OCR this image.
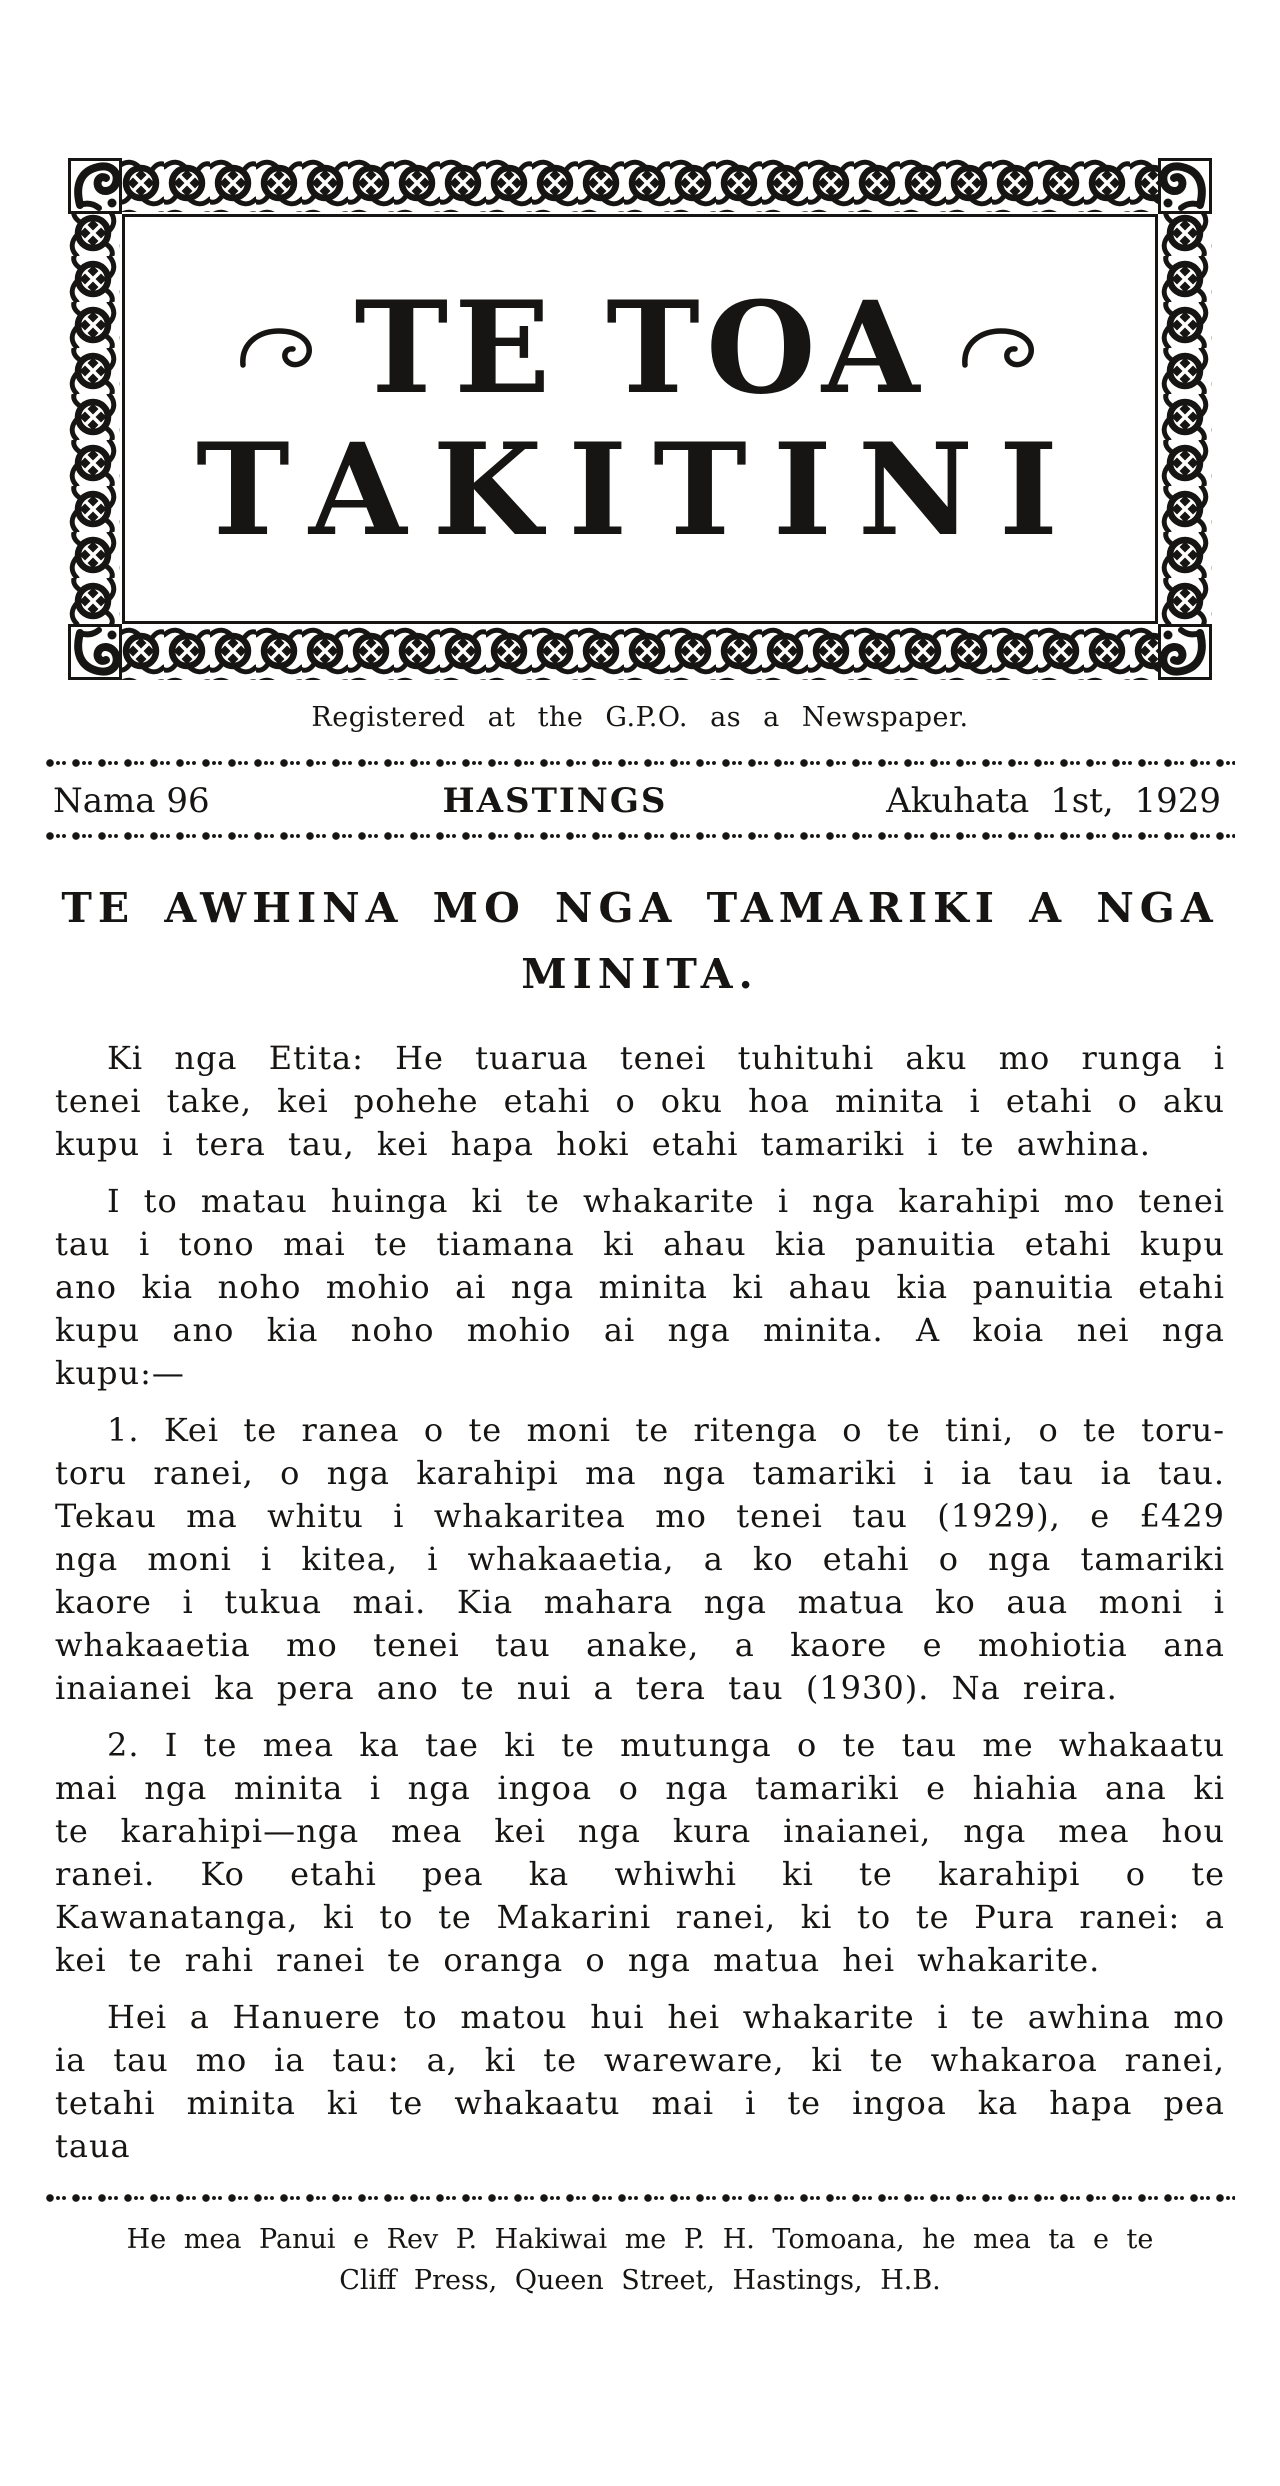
TE TOA
TAKITINI
Registered at the G.P.O. as a Newspaper.
Nama 96	HASTINGS	Akuhata 1st, 1929
TE AWHINA MO NGA TAMARIKI A NGA
MINITA.

Ki nga Etita: He tuarua tenei tuhituhi aku mo runga i tenei take, kei pohehe etahi o oku hoa minita i etahi o aku kupu i tera tau, kei hapa hoki etahi tamariki i te awhina.

I to matau huinga ki te whakarite i nga karahipi mo tenei tau i tono mai te tiamana ki ahau kia panuitia etahi kupu ano kia noho mohio ai nga minita ki ahau kia panuitia etahi kupu ano kia noho mohio ai nga minita. A koia nei nga kupu:—

1. Kei te ranea o te moni te ritenga o te tini, o te toru-toru ranei, o nga karahipi ma nga tamariki i ia tau ia tau. Tekau ma whitu i whakaritea mo tenei tau (1929), e £429 nga moni i kitea, i whakaaetia, a ko etahi o nga tamariki kaore i tukua mai. Kia mahara nga matua ko aua moni i whakaaetia mo tenei tau anake, a kaore e mohiotia ana inaianei ka pera ano te nui a tera tau (1930). Na reira.

2. I te mea ka tae ki te mutunga o te tau me whakaatu mai nga minita i nga ingoa o nga tamariki e hiahia ana ki te karahipi—nga mea kei nga kura inaianei, nga mea hou ranei. Ko etahi pea ka whiwhi ki te karahipi o te Kawanatanga, ki to te Makarini ranei, ki to te Pura ranei: a kei te rahi ranei te oranga o nga matua hei whakarite.

Hei a Hanuere to matou hui hei whakarite i te awhina mo ia tau mo ia tau: a, ki te wareware, ki te whakaroa ranei, tetahi minita ki te whakaatu mai i te ingoa ka hapa pea taua

He mea Panui e Rev P. Hakiwai me P. H. Tomoana, he mea ta e te
Cliff Press, Queen Street, Hastings, H.B.
